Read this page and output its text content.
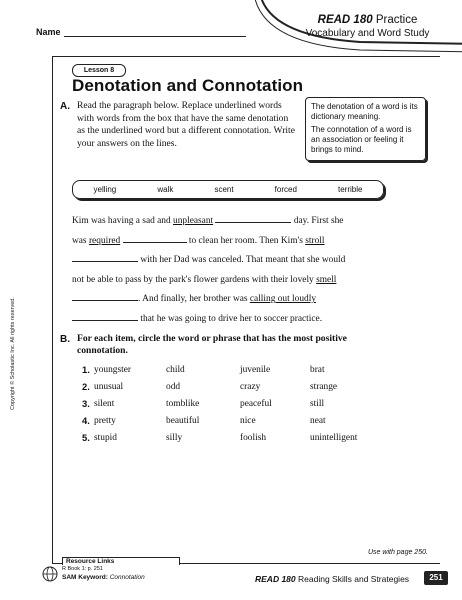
Name
READ 180 Practice
Vocabulary and Word Study
Copyright © Scholastic Inc. All rights reserved.
Lesson 8
Denotation and Connotation
A. Read the paragraph below. Replace underlined words with words from the box that have the same denotation as the underlined word but a different connotation. Write your answers on the lines.
The denotation of a word is its dictionary meaning.
The connotation of a word is an association or feeling it brings to mind.
yelling	walk	scent	forced	terrible
Kim was having a sad and unpleasant	day. First she
was required	to clean her room. Then Kim's stroll
with her Dad was canceled. That meant that she would
not be able to pass by the park's flower gardens with their lovely smell
. And finally, her brother was calling out loudly
that he was going to drive her to soccer practice.
B. For each item, circle the word or phrase that has the most positive connotation.
1. youngster	child	juvenile	brat
2. unusual	odd	crazy	strange
3. silent	tomblike	peaceful	still
4. pretty	beautiful	nice	neat
5. stupid	silly	foolish	unintelligent
Use with page 250.
Resource Links
R Book 1: p. 251
SAM Keyword: Connotation	READ 180 Reading Skills and Strategies	251
